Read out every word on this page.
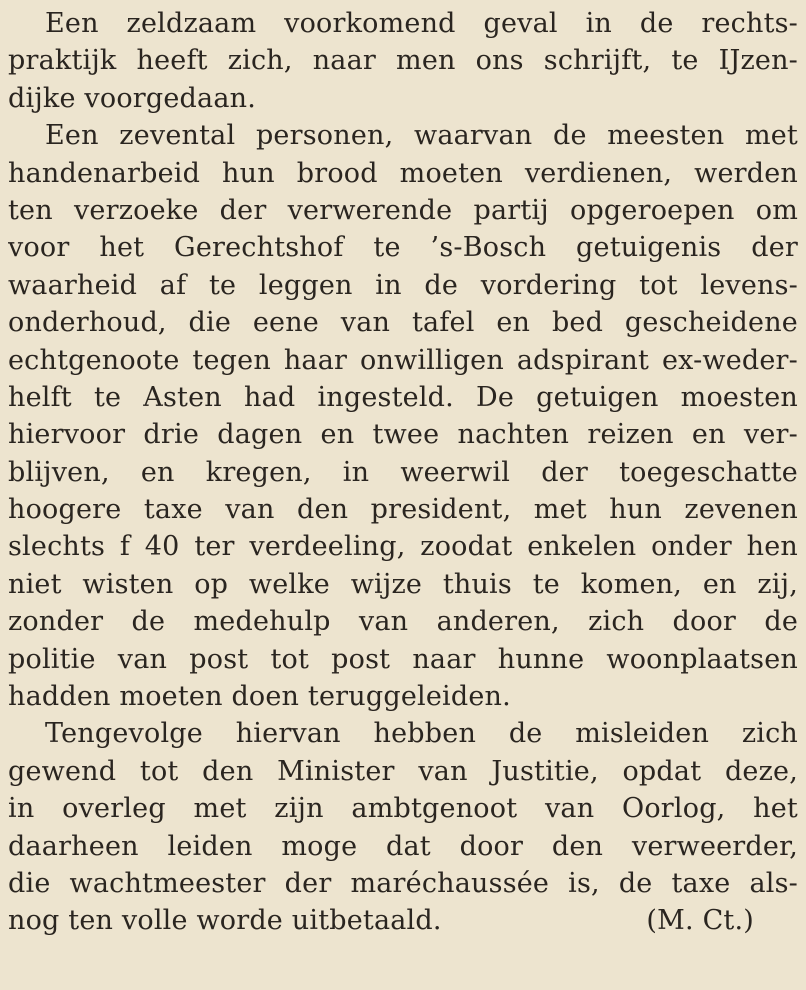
Een zeldzaam voorkomend geval in de rechts-
praktijk heeft zich, naar men ons schrijft, te IJzen-
dijke voorgedaan.
Een zevental personen, waarvan de meesten met
handenarbeid hun brood moeten verdienen, werden
ten verzoeke der verwerende partij opgeroepen om
voor het Gerechtshof te ’s-Bosch getuigenis der
waarheid af te leggen in de vordering tot levens-
onderhoud, die eene van tafel en bed gescheidene
echtgenoote tegen haar onwilligen adspirant ex-weder-
helft te Asten had ingesteld. De getuigen moesten
hiervoor drie dagen en twee nachten reizen en ver-
blijven, en kregen, in weerwil der toegeschatte
hoogere taxe van den president, met hun zevenen
slechts f 40 ter verdeeling, zoodat enkelen onder hen
niet wisten op welke wijze thuis te komen, en zij,
zonder de medehulp van anderen, zich door de
politie van post tot post naar hunne woonplaatsen
hadden moeten doen teruggeleiden.
Tengevolge hiervan hebben de misleiden zich
gewend tot den Minister van Justitie, opdat deze,
in overleg met zijn ambtgenoot van Oorlog, het
daarheen leiden moge dat door den verweerder,
die wachtmeester der maréchaussée is, de taxe als-
nog ten volle worde uitbetaald.	(M. Ct.)
